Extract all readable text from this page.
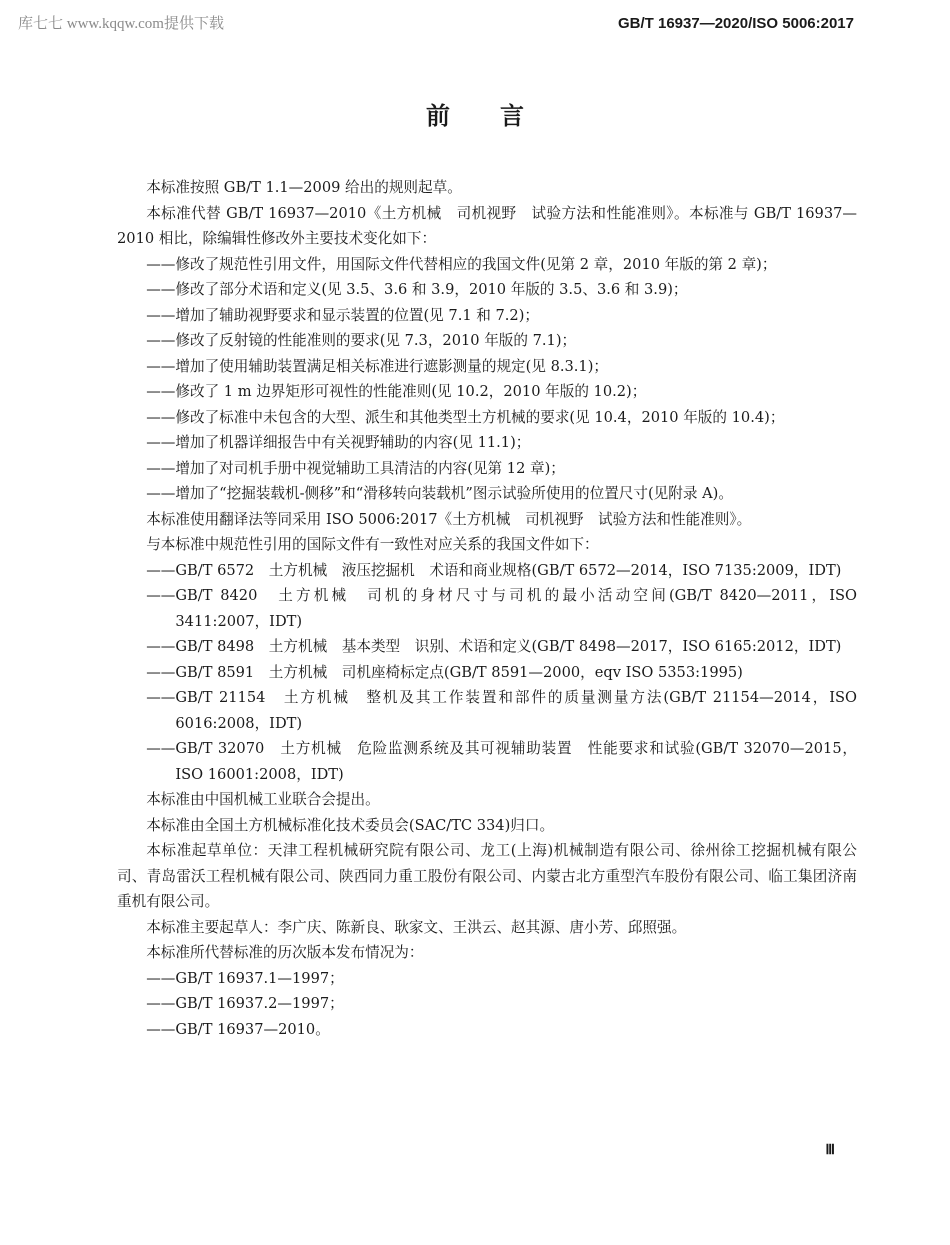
库七七 www.kqqw.com提供下载	GB/T 16937—2020/ISO 5006:2017
前言

本标准按照 GB/T 1.1—2009 给出的规则起草。

本标准代替 GB/T 16937—2010《土方机械　司机视野　试验方法和性能准则》。本标准与 GB/T 16937—2010 相比，除编辑性修改外主要技术变化如下：

——修改了规范性引用文件，用国际文件代替相应的我国文件(见第 2 章，2010 年版的第 2 章)；

——修改了部分术语和定义(见 3.5、3.6 和 3.9，2010 年版的 3.5、3.6 和 3.9)；

——增加了辅助视野要求和显示装置的位置(见 7.1 和 7.2)；

——修改了反射镜的性能准则的要求(见 7.3，2010 年版的 7.1)；

——增加了使用辅助装置满足相关标准进行遮影测量的规定(见 8.3.1)；

——修改了 1 m 边界矩形可视性的性能准则(见 10.2，2010 年版的 10.2)；

——修改了标准中未包含的大型、派生和其他类型土方机械的要求(见 10.4，2010 年版的 10.4)；

——增加了机器详细报告中有关视野辅助的内容(见 11.1)；

——增加了对司机手册中视觉辅助工具清洁的内容(见第 12 章)；

——增加了“挖掘装载机-侧移”和“滑移转向装载机”图示试验所使用的位置尺寸(见附录 A)。

本标准使用翻译法等同采用 ISO 5006:2017《土方机械　司机视野　试验方法和性能准则》。

与本标准中规范性引用的国际文件有一致性对应关系的我国文件如下：

——GB/T 6572　土方机械　液压挖掘机　术语和商业规格(GB/T 6572—2014，ISO 7135:2009，IDT)

——GB/T 8420　土方机械　司机的身材尺寸与司机的最小活动空间(GB/T 8420—2011，ISO 3411:2007，IDT)

——GB/T 8498　土方机械　基本类型　识别、术语和定义(GB/T 8498—2017，ISO 6165:2012，IDT)

——GB/T 8591　土方机械　司机座椅标定点(GB/T 8591—2000，eqv ISO 5353:1995)

——GB/T 21154　土方机械　整机及其工作装置和部件的质量测量方法(GB/T 21154—2014，ISO 6016:2008，IDT)

——GB/T 32070　土方机械　危险监测系统及其可视辅助装置　性能要求和试验(GB/T 32070—2015，ISO 16001:2008，IDT)

本标准由中国机械工业联合会提出。

本标准由全国土方机械标准化技术委员会(SAC/TC 334)归口。

本标准起草单位：天津工程机械研究院有限公司、龙工(上海)机械制造有限公司、徐州徐工挖掘机械有限公司、青岛雷沃工程机械有限公司、陕西同力重工股份有限公司、内蒙古北方重型汽车股份有限公司、临工集团济南重机有限公司。

本标准主要起草人：李广庆、陈新良、耿家文、王洪云、赵其源、唐小芳、邱照强。

本标准所代替标准的历次版本发布情况为：

——GB/T 16937.1—1997；

——GB/T 16937.2—1997；

——GB/T 16937—2010。

Ⅲ
